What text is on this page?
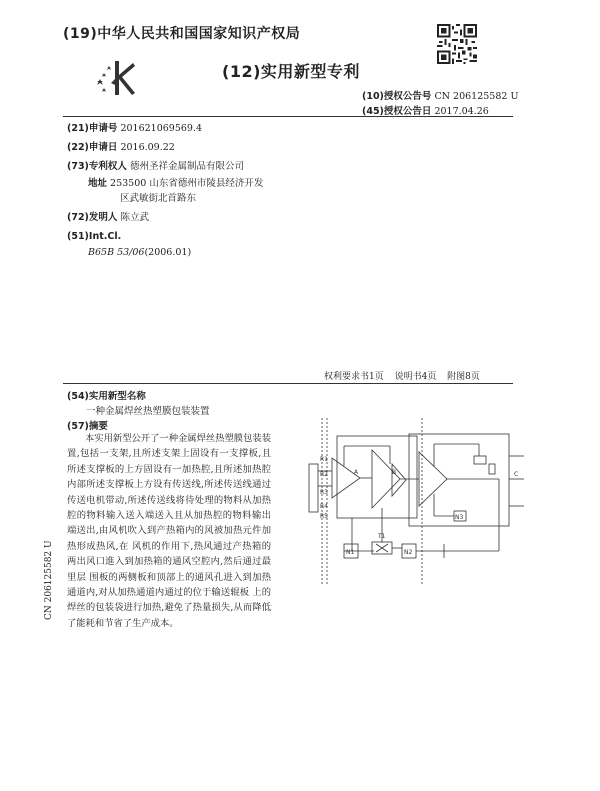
(19)中华人民共和国国家知识产权局
(12)实用新型专利
(10)授权公告号 CN 206125582 U
(45)授权公告日 2017.04.26
(21)申请号 201621069569.4
(22)申请日 2016.09.22
(73)专利权人 德州圣祥金属制品有限公司
地址 253500 山东省德州市陵县经济开发
区武敏街北首路东
(72)发明人 陈立武
(51)Int.Cl.
B65B 53/06(2006.01)
权利要求书1页 说明书4页 附图8页
(54)实用新型名称
一种金属焊丝热塑膜包装装置
(57)摘要
本实用新型公开了一种金属焊丝热塑膜包装装置,包括一支架,且所述支架上固设有一支撑板,且所述支撑板的上方固设有一加热腔,且所述加热腔内部所述支撑板上方设有传送线,所述传送线通过传送电机带动,所述传送线将待处理的物料从加热腔的物料输入送入端送入且从加热腔的物料输出端送出,由风机吹入到产热箱内的风被加热元件加热形成热风,在 风机的作用下,热风通过产热箱的两出风口進入到加热箱的通风空腔内,然后通过最里层 围板的两侧板和顶部上的通风孔进入到加热通道内,对从加热通道内通过的位于输送辊板 上的焊丝的包装袋进行加热,避免了热量损失,从而降低了能耗和节省了生产成本。
CN 206125582 U
R1
R2
R3
R4
R5
A	B	C
T1
N1	N2
N3
